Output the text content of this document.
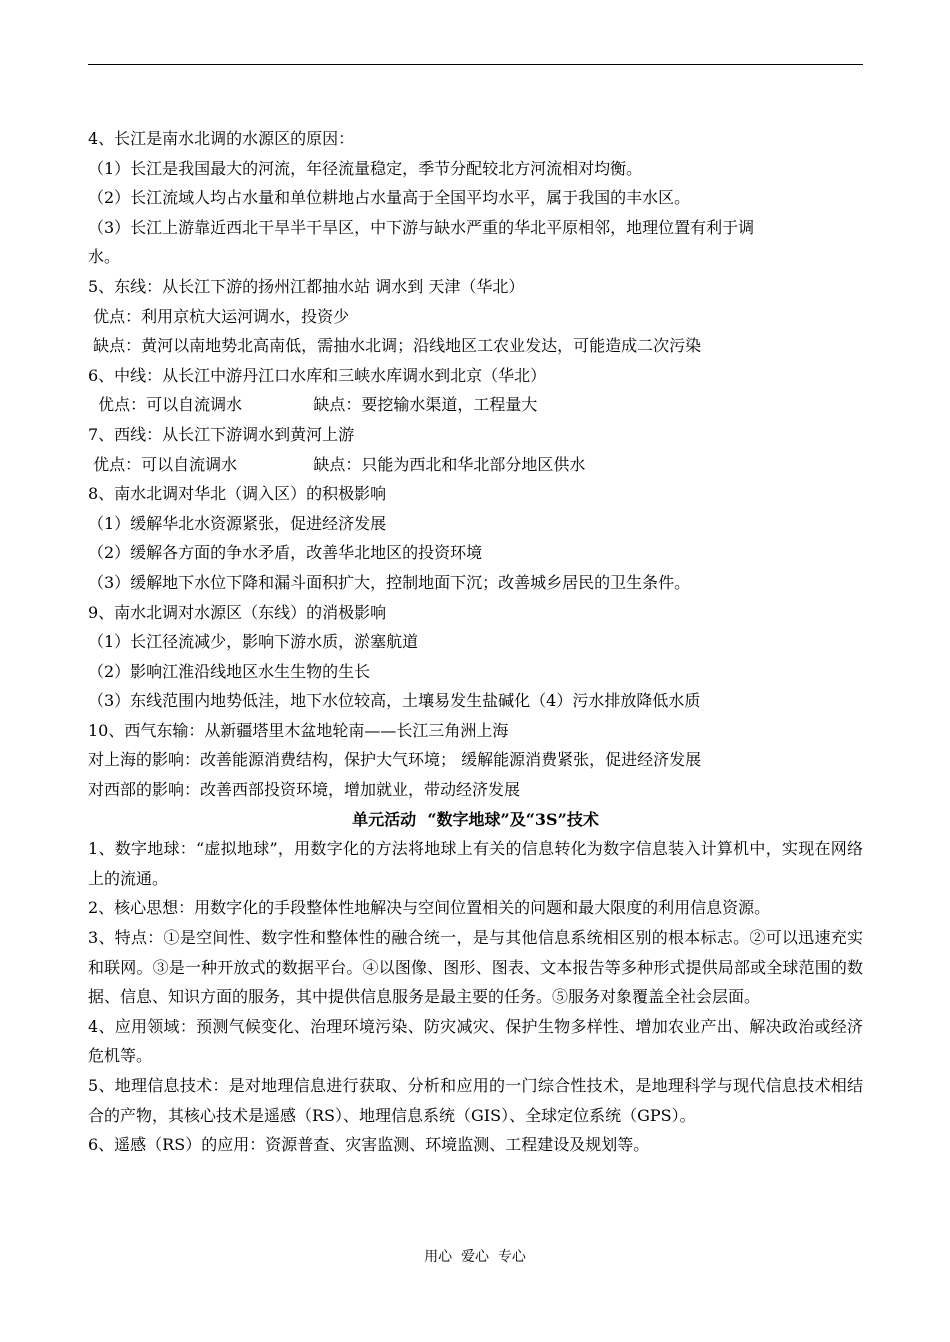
4、长江是南水北调的水源区的原因：
（1）长江是我国最大的河流，年径流量稳定，季节分配较北方河流相对均衡。
（2）长江流域人均占水量和单位耕地占水量高于全国平均水平，属于我国的丰水区。
（3）长江上游靠近西北干旱半干旱区，中下游与缺水严重的华北平原相邻，地理位置有利于调
水。
5、东线：从长江下游的扬州江都抽水站 调水到 天津（华北）
优点：利用京杭大运河调水，投资少
缺点：黄河以南地势北高南低，需抽水北调；沿线地区工农业发达，可能造成二次污染
6、中线：从长江中游丹江口水库和三峡水库调水到北京（华北）
优点：可以自流调水              缺点：要挖输水渠道，工程量大
7、西线：从长江下游调水到黄河上游
优点：可以自流调水               缺点：只能为西北和华北部分地区供水
8、南水北调对华北（调入区）的积极影响
（1）缓解华北水资源紧张，促进经济发展
（2）缓解各方面的争水矛盾，改善华北地区的投资环境
（3）缓解地下水位下降和漏斗面积扩大，控制地面下沉；改善城乡居民的卫生条件。
9、南水北调对水源区（东线）的消极影响
（1）长江径流减少，影响下游水质，淤塞航道
（2）影响江淮沿线地区水生生物的生长
（3）东线范围内地势低洼，地下水位较高，土壤易发生盐碱化（4）污水排放降低水质
10、西气东输：从新疆塔里木盆地轮南——长江三角洲上海
对上海的影响：改善能源消费结构，保护大气环境； 缓解能源消费紧张，促进经济发展
对西部的影响：改善西部投资环境，增加就业，带动经济发展
单元活动  “数字地球”及“3S”技术
1、数字地球：“虚拟地球”，用数字化的方法将地球上有关的信息转化为数字信息装入计算机中，实现在网络上的流通。
2、核心思想：用数字化的手段整体性地解决与空间位置相关的问题和最大限度的利用信息资源。
3、特点：①是空间性、数字性和整体性的融合统一，是与其他信息系统相区别的根本标志。②可以迅速充实和联网。③是一种开放式的数据平台。④以图像、图形、图表、文本报告等多种形式提供局部或全球范围的数据、信息、知识方面的服务，其中提供信息服务是最主要的任务。⑤服务对象覆盖全社会层面。
4、应用领域：预测气候变化、治理环境污染、防灾减灾、保护生物多样性、增加农业产出、解决政治或经济危机等。
5、地理信息技术：是对地理信息进行获取、分析和应用的一门综合性技术，是地理科学与现代信息技术相结合的产物，其核心技术是遥感（RS）、地理信息系统（GIS）、全球定位系统（GPS）。
6、遥感（RS）的应用：资源普查、灾害监测、环境监测、工程建设及规划等。
用心  爱心  专心
